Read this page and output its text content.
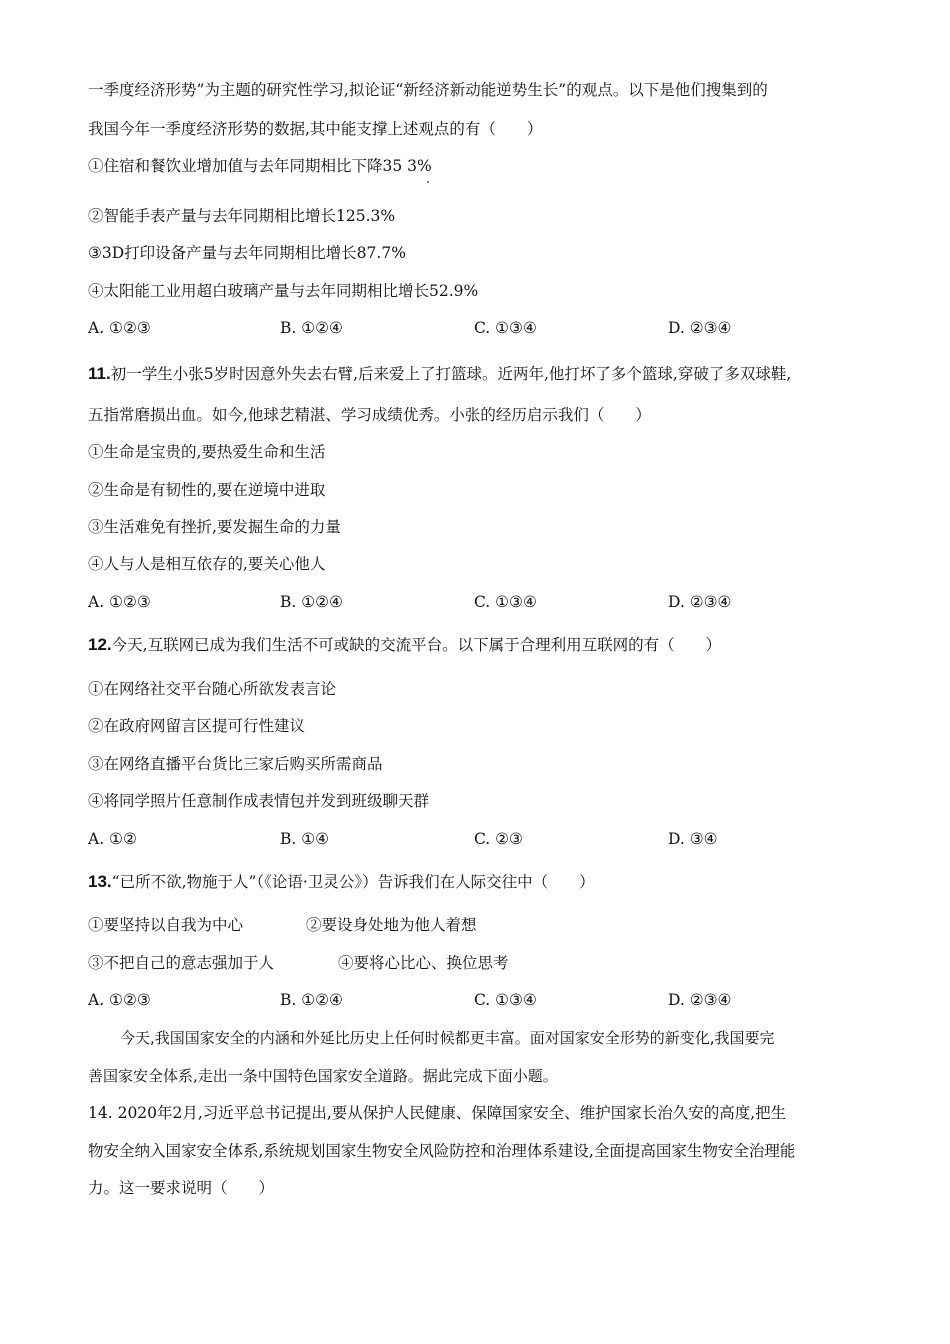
一季度经济形势”为主题的研究性学习,拟论证“新经济新动能逆势生长”的观点。以下是他们搜集到的
我国今年一季度经济形势的数据,其中能支撑上述观点的有（　　）
①住宿和餐饮业增加值与去年同期相比下降35 3%
②智能手表产量与去年同期相比增长125.3%
③3D打印设备产量与去年同期相比增长87.7%
④太阳能工业用超白玻璃产量与去年同期相比增长52.9%
A. ①②③	B. ①②④	C. ①③④	D. ②③④
11.初一学生小张5岁时因意外失去右臂,后来爱上了打篮球。近两年,他打坏了多个篮球,穿破了多双球鞋,
五指常磨损出血。如今,他球艺精湛、学习成绩优秀。小张的经历启示我们（　　）
①生命是宝贵的,要热爱生命和生活
②生命是有韧性的,要在逆境中进取
③生活难免有挫折,要发掘生命的力量
④人与人是相互依存的,要关心他人
A. ①②③	B. ①②④	C. ①③④	D. ②③④
12.今天,互联网已成为我们生活不可或缺的交流平台。以下属于合理利用互联网的有（　　）
①在网络社交平台随心所欲发表言论
②在政府网留言区提可行性建议
③在网络直播平台货比三家后购买所需商品
④将同学照片任意制作成表情包并发到班级聊天群
A. ①②	B. ①④	C. ②③	D. ③④
13.“已所不欲,物施于人”（《论语·卫灵公》）告诉我们在人际交往中（　　）
①要坚持以自我为中心	②要设身处地为他人着想
③不把自己的意志强加于人	④要将心比心、换位思考
A. ①②③	B. ①②④	C. ①③④	D. ②③④
今天,我国国家安全的内涵和外延比历史上任何时候都更丰富。面对国家安全形势的新变化,我国要完
善国家安全体系,走出一条中国特色国家安全道路。据此完成下面小题。
14. 2020年2月,习近平总书记提出,要从保护人民健康、保障国家安全、维护国家长治久安的高度,把生
物安全纳入国家安全体系,系统规划国家生物安全风险防控和治理体系建设,全面提高国家生物安全治理能
力。这一要求说明（　　）
